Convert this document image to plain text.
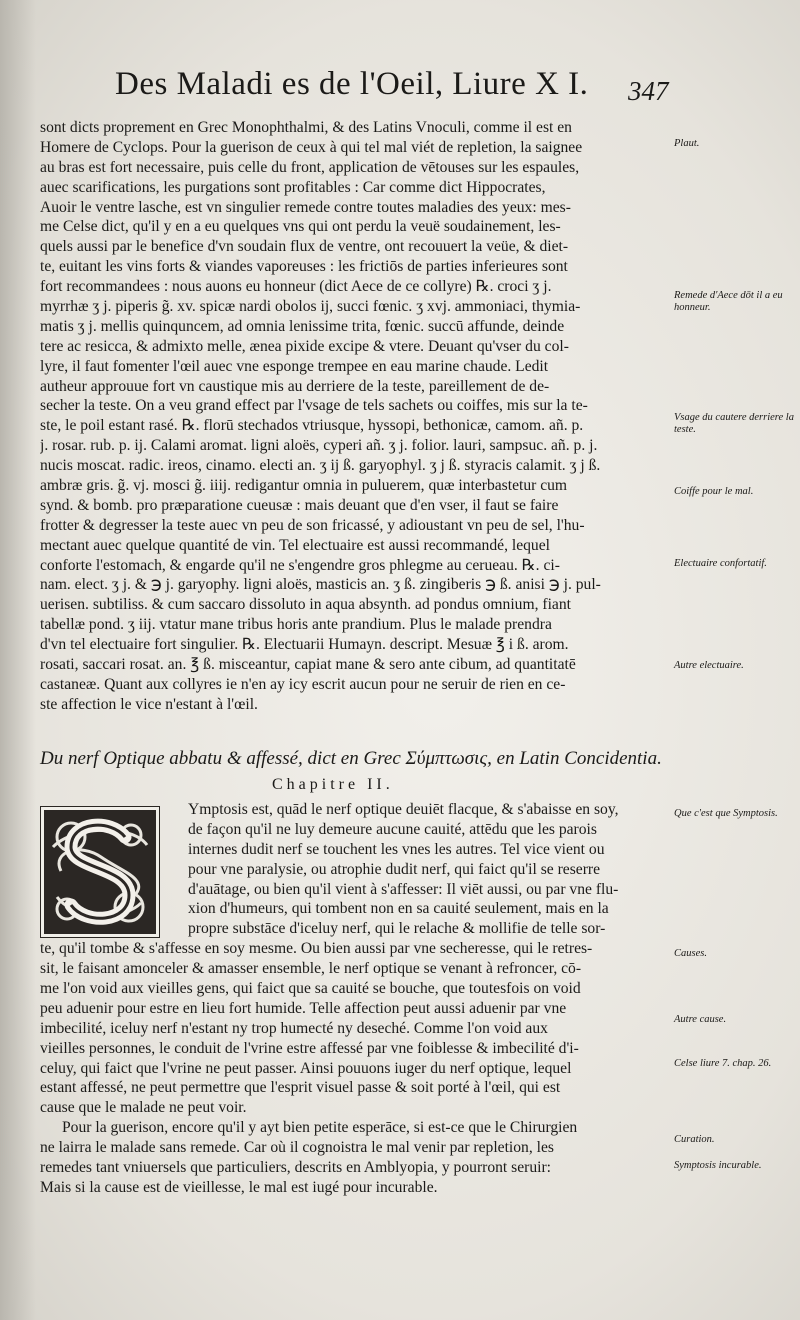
Des Maladi es de l'Oeil, Liure X I. 347
sont dicts proprement en Grec Monophthalmi, & des Latins Vnoculi, comme il est en
Homere de Cyclops. Pour la guerison de ceux à qui tel mal viét de repletion, la saignee
au bras est fort necessaire, puis celle du front, application de vētouses sur les espaules,
auec scarifications, les purgations sont profitables : Car comme dict Hippocrates,
Auoir le ventre lasche, est vn singulier remede contre toutes maladies des yeux: mes-
me Celse dict, qu'il y en a eu quelques vns qui ont perdu la veuë soudainement, les-
quels aussi par le benefice d'vn soudain flux de ventre, ont recouuert la veüe, & diet-
te, euitant les vins forts & viandes vaporeuses : les frictiōs de parties inferieures sont
fort recommandees : nous auons eu honneur (dict Aece de ce collyre) ℞. croci ʒ j.
myrrhæ ʒ j. piperis g̃. xv. spicæ nardi obolos ij, succi fœnic. ʒ xvj. ammoniaci, thymia-
matis ʒ j. mellis quinquncem, ad omnia lenissime trita, fœnic. succū affunde, deinde
tere ac resicca, & admixto melle, ænea pixide excipe & vtere. Deuant qu'vser du col-
lyre, il faut fomenter l'œil auec vne esponge trempee en eau marine chaude. Ledit
autheur approuue fort vn caustique mis au derriere de la teste, pareillement de de-
secher la teste. On a veu grand effect par l'vsage de tels sachets ou coiffes, mis sur la te-
ste, le poil estant rasé. ℞. florū stechados vtriusque, hyssopi, bethonicæ, camom. añ. p.
j. rosar. rub. p. ij. Calami aromat. ligni aloës, cyperi añ. ʒ j. folior. lauri, sampsuc. añ. p. j.
nucis moscat. radic. ireos, cinamo. electi an. ʒ ij ß. garyophyl. ʒ j ß. styracis calamit. ʒ j ß.
ambræ gris. g̃. vj. mosci g̃. iiij. redigantur omnia in puluerem, quæ interbastetur cum
synd. & bomb. pro præparatione cueusæ : mais deuant que d'en vser, il faut se faire
frotter & degresser la teste auec vn peu de son fricassé, y adioustant vn peu de sel, l'hu-
mectant auec quelque quantité de vin. Tel electuaire est aussi recommandé, lequel
conforte l'estomach, & engarde qu'il ne s'engendre gros phlegme au cerueau. ℞. ci-
nam. elect. ʒ j. & ℈ j. garyophy. ligni aloës, masticis an. ʒ ß. zingiberis ℈ ß. anisi ℈ j. pul-
uerisen. subtiliss. & cum saccaro dissoluto in aqua absynth. ad pondus omnium, fiant
tabellæ pond. ʒ iij. vtatur mane tribus horis ante prandium. Plus le malade prendra
d'vn tel electuaire fort singulier. ℞. Electuarii Humayn. descript. Mesuæ ℥ i ß. arom.
rosati, saccari rosat. an. ℥ ß. misceantur, capiat mane & sero ante cibum, ad quantitatē
castaneæ. Quant aux collyres ie n'en ay icy escrit aucun pour ne seruir de rien en ce-
ste affection le vice n'estant à l'œil.
Du nerf Optique abbatu & affessé, dict en Grec Σύμπτωσις, en Latin Concidentia.
Chapitre II.
Ymptosis est, quād le nerf optique deuiēt flacque, & s'abaisse en soy,
de façon qu'il ne luy demeure aucune cauité, attēdu que les parois
internes dudit nerf se touchent les vnes les autres. Tel vice vient ou
pour vne paralysie, ou atrophie dudit nerf, qui faict qu'il se reserre
d'auātage, ou bien qu'il vient à s'affesser: Il viēt aussi, ou par vne flu-
xion d'humeurs, qui tombent non en sa cauité seulement, mais en la
propre substāce d'iceluy nerf, qui le relache & mollifie de telle sor-
te, qu'il tombe & s'affesse en soy mesme. Ou bien aussi par vne secheresse, qui le retres-
sit, le faisant amonceler & amasser ensemble, le nerf optique se venant à refroncer, cō-
me l'on void aux vieilles gens, qui faict que sa cauité se bouche, que toutesfois on void
peu aduenir pour estre en lieu fort humide. Telle affection peut aussi aduenir par vne
imbecilité, iceluy nerf n'estant ny trop humecté ny deseché. Comme l'on void aux
vieilles personnes, le conduit de l'vrine estre affessé par vne foiblesse & imbecilité d'i-
celuy, qui faict que l'vrine ne peut passer. Ainsi pouuons iuger du nerf optique, lequel
estant affessé, ne peut permettre que l'esprit visuel passe & soit porté à l'œil, qui est
cause que le malade ne peut voir.
Pour la guerison, encore qu'il y ayt bien petite esperāce, si est-ce que le Chirurgien
ne lairra le malade sans remede. Car où il cognoistra le mal venir par repletion, les
remedes tant vniuersels que particuliers, descrits en Amblyopia, y pourront seruir:
Mais si la cause est de vieillesse, le mal est iugé pour incurable.
Plaut.
Remede d'Aece dōt il a eu honneur.
Vsage du cautere derriere la teste.
Coiffe pour le mal.
Electuaire confortatif.
Autre electuaire.
Que c'est que Symptosis.
Causes.
Autre cause.
Celse liure 7. chap. 26.
Curation.
Symptosis incurable.
